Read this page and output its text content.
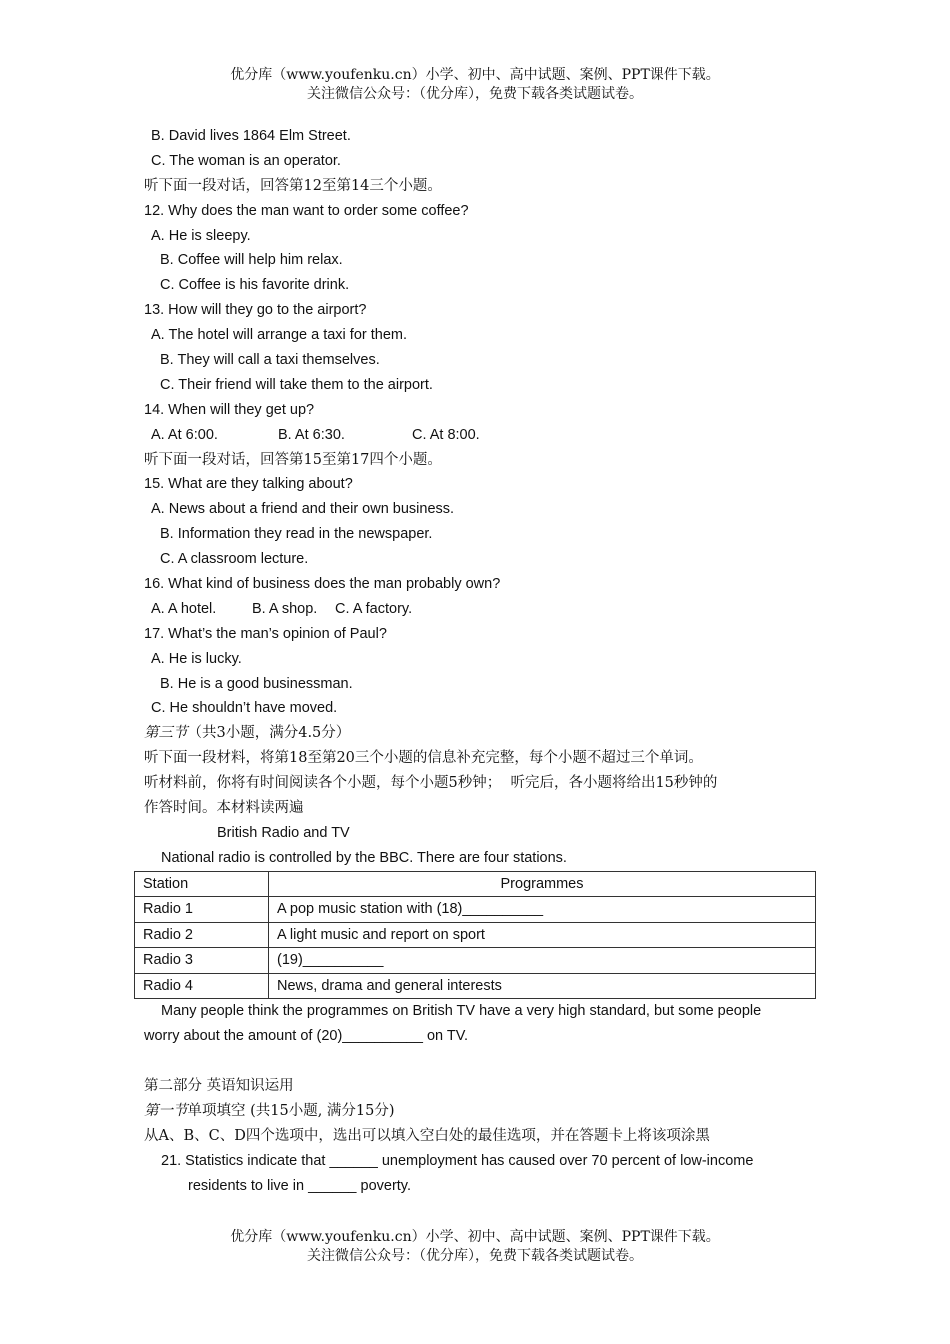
优分库（www.youfenku.cn）小学、初中、高中试题、案例、PPT课件下载。
关注微信公众号：（优分库），免费下载各类试题试卷。
B. David lives 1864 Elm Street.
C. The woman is an operator.
听下面一段对话，回答第12至第14三个小题。
12. Why does the man want to order some coffee?
A. He is sleepy.
B. Coffee will help him relax.
C. Coffee is his favorite drink.
13. How will they go to the airport?
A. The hotel will arrange a taxi for them.
B. They will call a taxi themselves.
C. Their friend will take them to the airport.
14. When will they get up?
A. At 6:00.	B. At 6:30.	C. At 8:00.
听下面一段对话，回答第15至第17四个小题。
15. What are they talking about?
A. News about a friend and their own business.
B. Information they read in the newspaper.
C. A classroom lecture.
16. What kind of business does the man probably own?
A. A hotel. B. A shop. C. A factory.
17. What’s the man’s opinion of Paul?
A. He is lucky.
B. He is a good businessman.
C. He shouldn’t have moved.
第三节（共3小题，满分4.5分）
听下面一段材料，将第18至第20三个小题的信息补充完整，每个小题不超过三个单词。
听材料前，你将有时间阅读各个小题，每个小题5秒钟；  听完后，各小题将给出15秒钟的
作答时间。本材料读两遍
British Radio and TV
National radio is controlled by the BBC. There are four stations.
Station	Programmes
Radio 1	A pop music station with (18)__________
Radio 2	A light music and report on sport
Radio 3	(19)__________
Radio 4	News, drama and general interests
Many people think the programmes on British TV have a very high standard, but some people
worry about the amount of (20)__________ on TV.
第二部分 英语知识运用
第一节单项填空 (共15小题, 满分15分)
从A、B、C、D四个选项中，选出可以填入空白处的最佳选项，并在答题卡上将该项涂黑
21. Statistics indicate that ______ unemployment has caused over 70 percent of low-income
residents to live in ______ poverty.
优分库（www.youfenku.cn）小学、初中、高中试题、案例、PPT课件下载。
关注微信公众号：（优分库），免费下载各类试题试卷。
